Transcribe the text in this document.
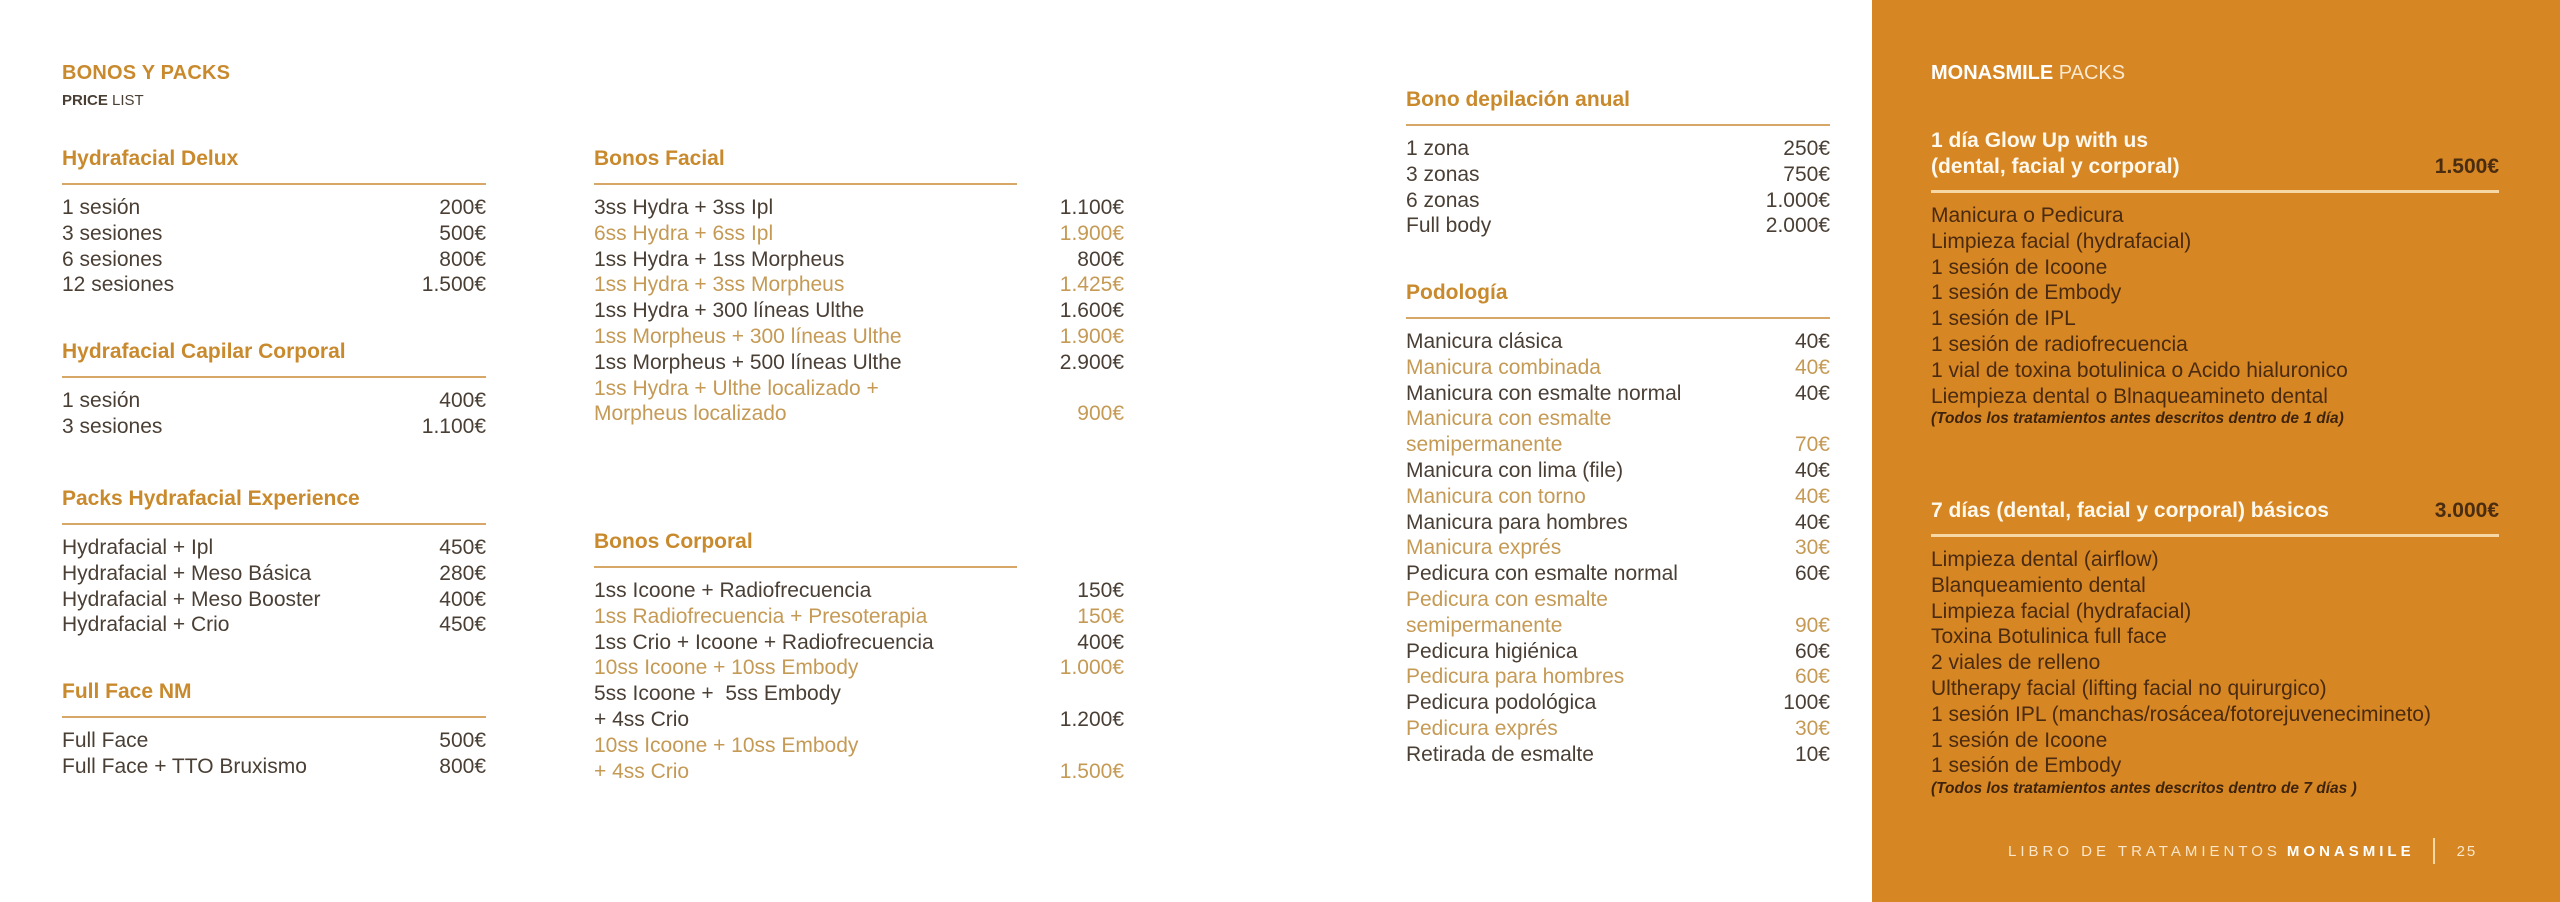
BONOS Y PACKS
PRICE LIST
Hydrafacial Delux
1 sesión	200€
3 sesiones	500€
6 sesiones	800€
12 sesiones	1.500€
Hydrafacial Capilar Corporal
1 sesión	400€
3 sesiones	1.100€
Packs Hydrafacial Experience
Hydrafacial + Ipl	450€
Hydrafacial + Meso Básica	280€
Hydrafacial + Meso Booster	400€
Hydrafacial + Crio	450€
Full Face NM
Full Face	500€
Full Face + TTO Bruxismo	800€
Bonos Facial
3ss Hydra + 3ss Ipl	1.100€
6ss Hydra + 6ss Ipl	1.900€
1ss Hydra + 1ss Morpheus	800€
1ss Hydra + 3ss Morpheus	1.425€
1ss Hydra + 300 líneas Ulthe	1.600€
1ss Morpheus + 300 líneas Ulthe	1.900€
1ss Morpheus + 500 líneas Ulthe	2.900€
1ss Hydra + Ulthe localizado +
Morpheus localizado	900€
Bonos Corporal
1ss Icoone + Radiofrecuencia	150€
1ss Radiofrecuencia + Presoterapia	150€
1ss Crio + Icoone + Radiofrecuencia	400€
10ss Icoone + 10ss Embody	1.000€
5ss Icoone +  5ss Embody
+ 4ss Crio	1.200€
10ss Icoone + 10ss Embody
+ 4ss Crio	1.500€
Bono depilación anual
1 zona	250€
3 zonas	750€
6 zonas	1.000€
Full body	2.000€
Podología
Manicura clásica	40€
Manicura combinada	40€
Manicura con esmalte normal	40€
Manicura con esmalte
semipermanente	70€
Manicura con lima (file)	40€
Manicura con torno	40€
Manicura para hombres	40€
Manicura exprés	30€
Pedicura con esmalte normal	60€
Pedicura con esmalte
semipermanente	90€
Pedicura higiénica	60€
Pedicura para hombres	60€
Pedicura podológica	100€
Pedicura exprés	30€
Retirada de esmalte	10€
MONASMILE PACKS
1 día Glow Up with us
(dental, facial y corporal)	1.500€
Manicura o Pedicura
Limpieza facial (hydrafacial)
1 sesión de Icoone
1 sesión de Embody
1 sesión de IPL
1 sesión de radiofrecuencia
1 vial de toxina botulinica o Acido hialuronico
Liempieza dental o Blnaqueamineto dental
(Todos los tratamientos antes descritos dentro de 1 día)
7 días (dental, facial y corporal) básicos	3.000€
Limpieza dental (airflow)
Blanqueamiento dental
Limpieza facial (hydrafacial)
Toxina Botulinica full face
2 viales de relleno
Ultherapy facial (lifting facial no quirurgico)
1 sesión IPL (manchas/rosácea/fotorejuvenecimineto)
1 sesión de Icoone
1 sesión de Embody
(Todos los tratamientos antes descritos dentro de 7 días )
LIBRO DE TRATAMIENTOS MONASMILE	25
